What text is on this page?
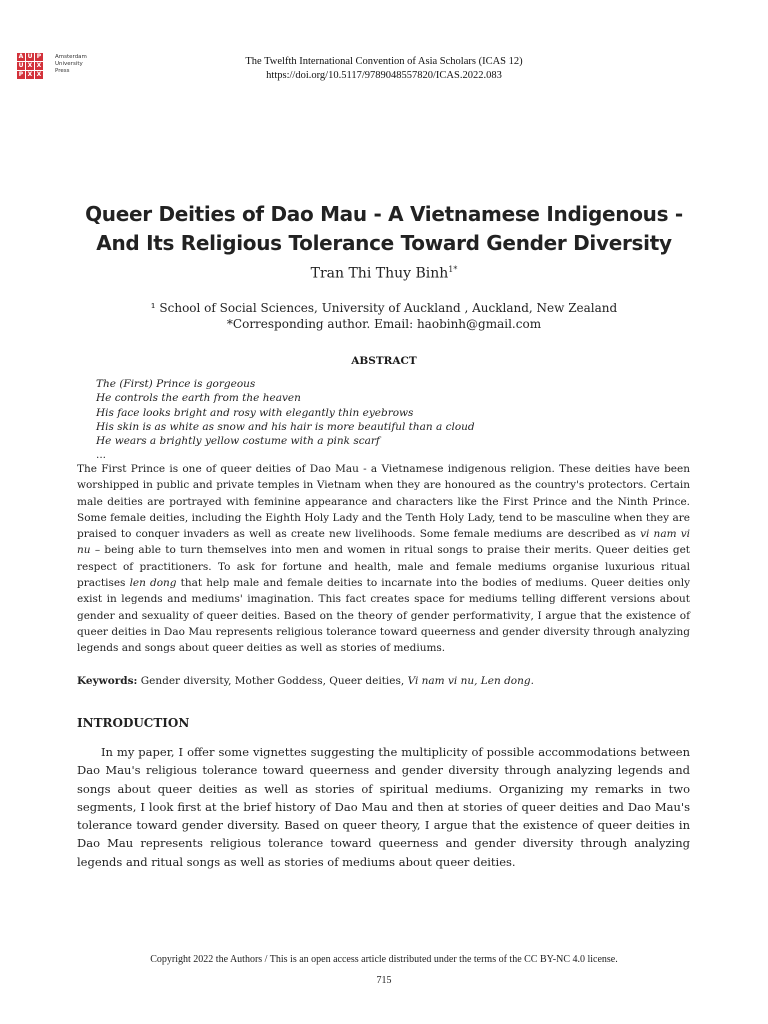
A U P
U X X
P X X
Amsterdam
University
Press
The Twelfth International Convention of Asia Scholars (ICAS 12)
https://doi.org/10.5117/9789048557820/ICAS.2022.083
Queer Deities of Dao Mau - A Vietnamese Indigenous -
And Its Religious Tolerance Toward Gender Diversity
Tran Thi Thuy Binh$^{1*}$
¹ School of Social Sciences, University of Auckland , Auckland, New Zealand
*Corresponding author. Email: haobinh@gmail.com
ABSTRACT
The (First) Prince is gorgeous
He controls the earth from the heaven
His face looks bright and rosy with elegantly thin eyebrows
His skin is as white as snow and his hair is more beautiful than a cloud
He wears a brightly yellow costume with a pink scarf
...
The First Prince is one of queer deities of Dao Mau - a Vietnamese indigenous religion. These deities have been worshipped in public and private temples in Vietnam when they are honoured as the country's protectors. Certain male deities are portrayed with feminine appearance and characters like the First Prince and the Ninth Prince. Some female deities, including the Eighth Holy Lady and the Tenth Holy Lady, tend to be masculine when they are praised to conquer invaders as well as create new livelihoods. Some female mediums are described as vi nam vi nu – being able to turn themselves into men and women in ritual songs to praise their merits. Queer deities get respect of practitioners. To ask for fortune and health, male and female mediums organise luxurious ritual practises len dong that help male and female deities to incarnate into the bodies of mediums. Queer deities only exist in legends and mediums' imagination. This fact creates space for mediums telling different versions about gender and sexuality of queer deities. Based on the theory of gender performativity, I argue that the existence of queer deities in Dao Mau represents religious tolerance toward queerness and gender diversity through analyzing legends and songs about queer deities as well as stories of mediums.
Keywords: Gender diversity, Mother Goddess, Queer deities, Vi nam vi nu, Len dong.
INTRODUCTION
In my paper, I offer some vignettes suggesting the multiplicity of possible accommodations between Dao Mau's religious tolerance toward queerness and gender diversity through analyzing legends and songs about queer deities as well as stories of spiritual mediums. Organizing my remarks in two segments, I look first at the brief history of Dao Mau and then at stories of queer deities and Dao Mau's tolerance toward gender diversity. Based on queer theory, I argue that the existence of queer deities in Dao Mau represents religious tolerance toward queerness and gender diversity through analyzing legends and ritual songs as well as stories of mediums about queer deities.
Copyright 2022 the Authors / This is an open access article distributed under the terms of the CC BY-NC 4.0 license.
715
